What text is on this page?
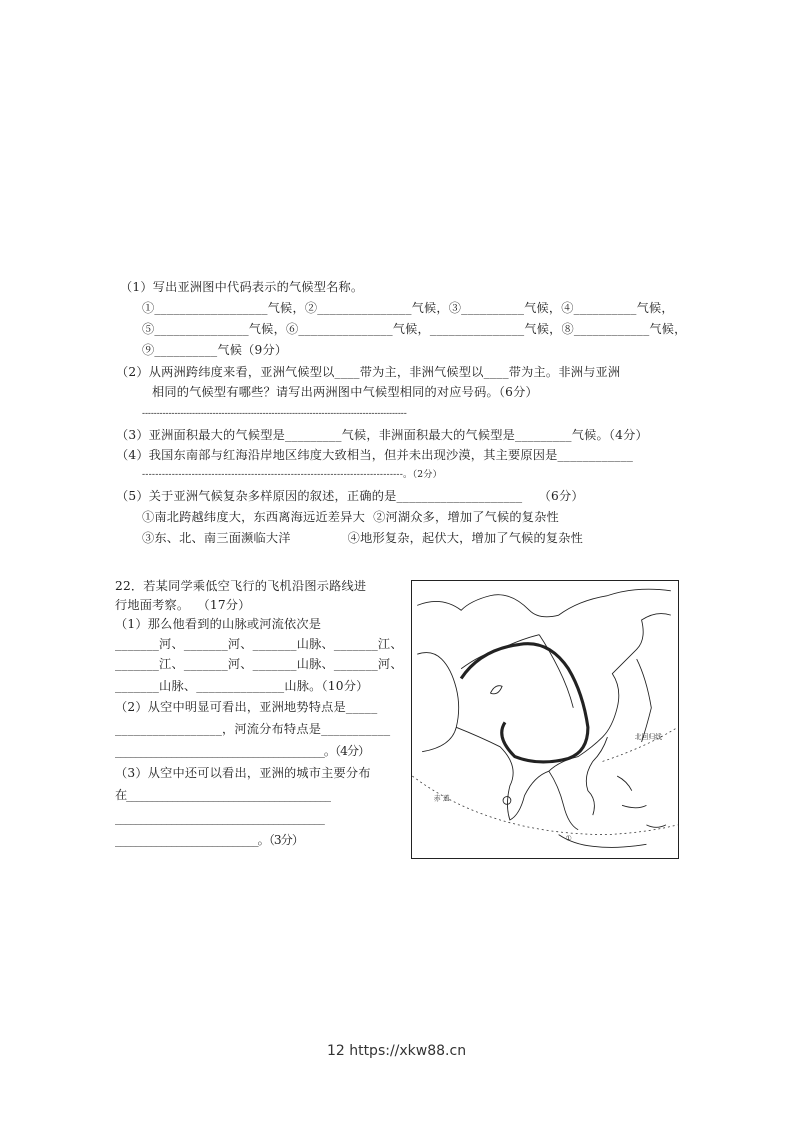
（1）写出亚洲图中代码表示的气候型名称。
①__________________气候，②_______________气候，③__________气候，④__________气候，
⑤_______________气候，⑥_______________气候，_______________气候，⑧____________气候，
⑨__________气候（9分）
（2）从两洲跨纬度来看，亚洲气候型以____带为主，非洲气候型以____带为主。非洲与亚洲
相同的气候型有哪些？请写出两洲图中气候型相同的对应号码。（6分）
------------------------------------------------------------------------------------------
（3）亚洲面积最大的气候型是_________气候，非洲面积最大的气候型是_________气候。（4分）
（4）我国东南部与红海沿岸地区纬度大致相当，但并未出现沙漠，其主要原因是____________
-------------------------------------------------------------------------------。（2分）
（5）关于亚洲气候复杂多样原因的叙述，正确的是____________________    （6分）
①南北跨越纬度大，东西离海远近差异大  ②河湖众多，增加了气候的复杂性
③东、北、南三面濒临大洋              ④地形复杂，起伏大，增加了气候的复杂性
22．若某同学乘低空飞行的飞机沿图示路线进
行地面考察。  （17分）
（1）那么他看到的山脉或河流依次是
_______河、_______河、_______山脉、_______江、
_______江、_______河、_______山脉、_______河、
_______山脉、______________山脉。（10分）
（2）从空中明显可看出，亚洲地势特点是_____
_________________，河流分布特点是___________
_________________________________________。（4分）
（3）从空中还可以看出，亚洲的城市主要分布
在________________________________________
_________________________________________
____________________________。（3分）
赤 道
北回归线
①
12 https://xkw88.cn
